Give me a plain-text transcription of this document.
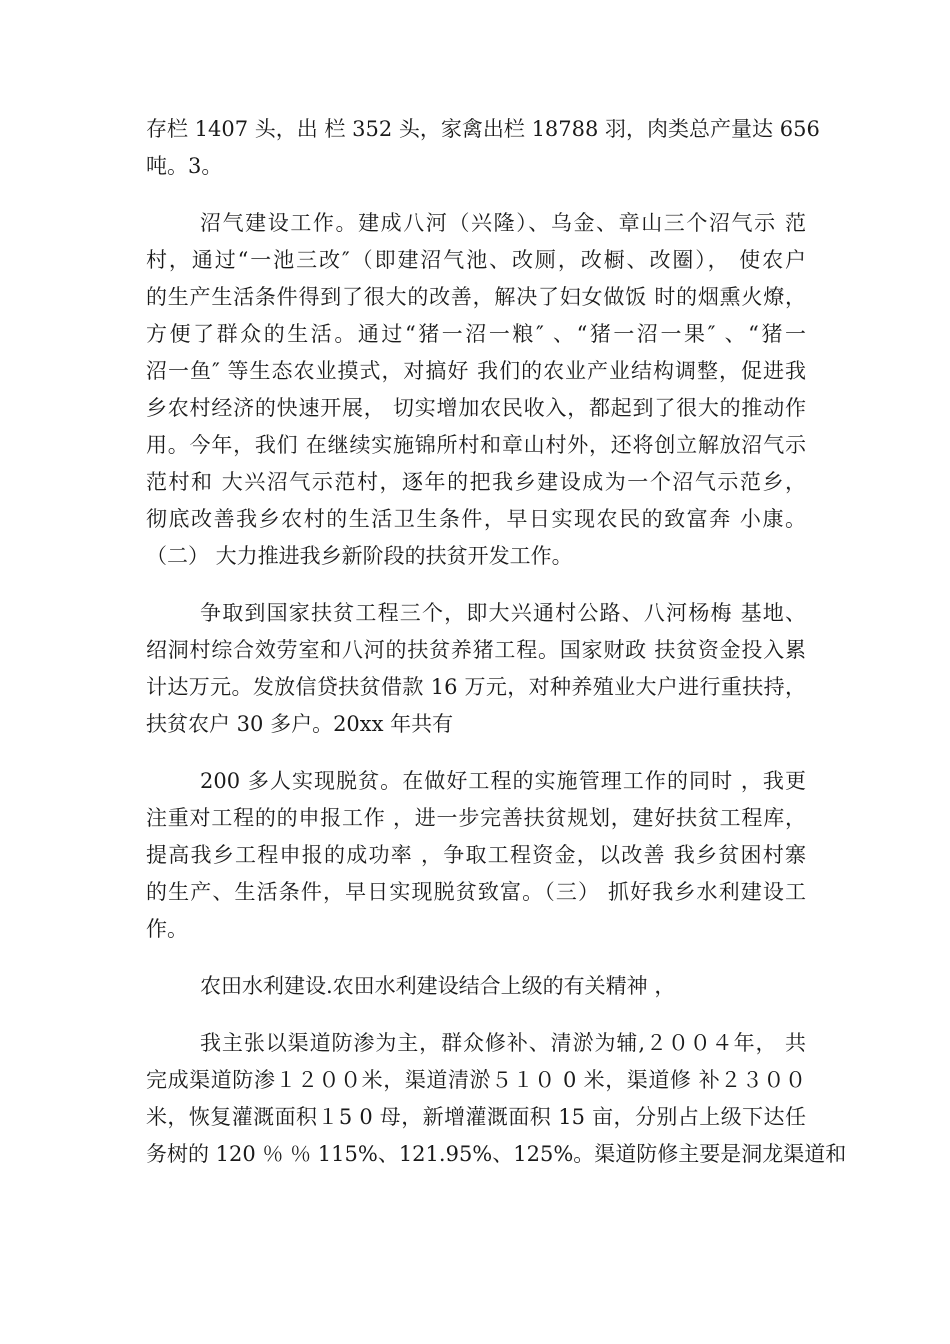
存栏 1407 头，出 栏 352 头，家禽出栏 18788 羽，肉类总产量达 656

吨。3。

沼气建设工作。建成八河（兴隆）、乌金、章山三个沼气示 范

村，通过“一池三改″（即建沼气池、改厕，改橱、改圈）， 使农户

的生产生活条件得到了很大的改善，解决了妇女做饭 时的烟熏火燎，

方便了群众的生活。通过“猪一沼一粮″ 、“猪一沼一果″ 、“猪一

沼一鱼″ 等生态农业摸式，对搞好 我们的农业产业结构调整，促进我

乡农村经济的快速开展， 切实增加农民收入，都起到了很大的推动作

用。今年，我们 在继续实施锦所村和章山村外，还将创立解放沼气示

范村和 大兴沼气示范村，逐年的把我乡建设成为一个沼气示范乡，

彻底改善我乡农村的生活卫生条件，早日实现农民的致富奔 小康。

（二） 大力推进我乡新阶段的扶贫开发工作。

争取到国家扶贫工程三个，即大兴通村公路、八河杨梅 基地、

绍洞村综合效劳室和八河的扶贫养猪工程。国家财政 扶贫资金投入累

计达万元。发放信贷扶贫借款 16 万元，对种养殖业大户进行重扶持，

扶贫农户 30 多户。20xx 年共有

200 多人实现脱贫。在做好工程的实施管理工作的同时 ，我更

注重对工程的的申报工作 ，进一步完善扶贫规划，建好扶贫工程库，

提高我乡工程申报的成功率 ，争取工程资金，以改善 我乡贫困村寨

的生产、生活条件，早日实现脱贫致富。（三） 抓好我乡水利建设工

作。

农田水利建设.农田水利建设结合上级的有关精神 ，

我主张以渠道防渗为主，群众修补、清淤为辅,２００４年， 共

完成渠道防渗１２００米，渠道清淤５１０ 0 米，渠道修 补２３００

米，恢复灌溉面积１5 0 母，新增灌溉面积 15 亩，分别占上级下达任

务树的 120 ％ ％ 115%、121.95%、125%。渠道防修主要是洞龙渠道和
